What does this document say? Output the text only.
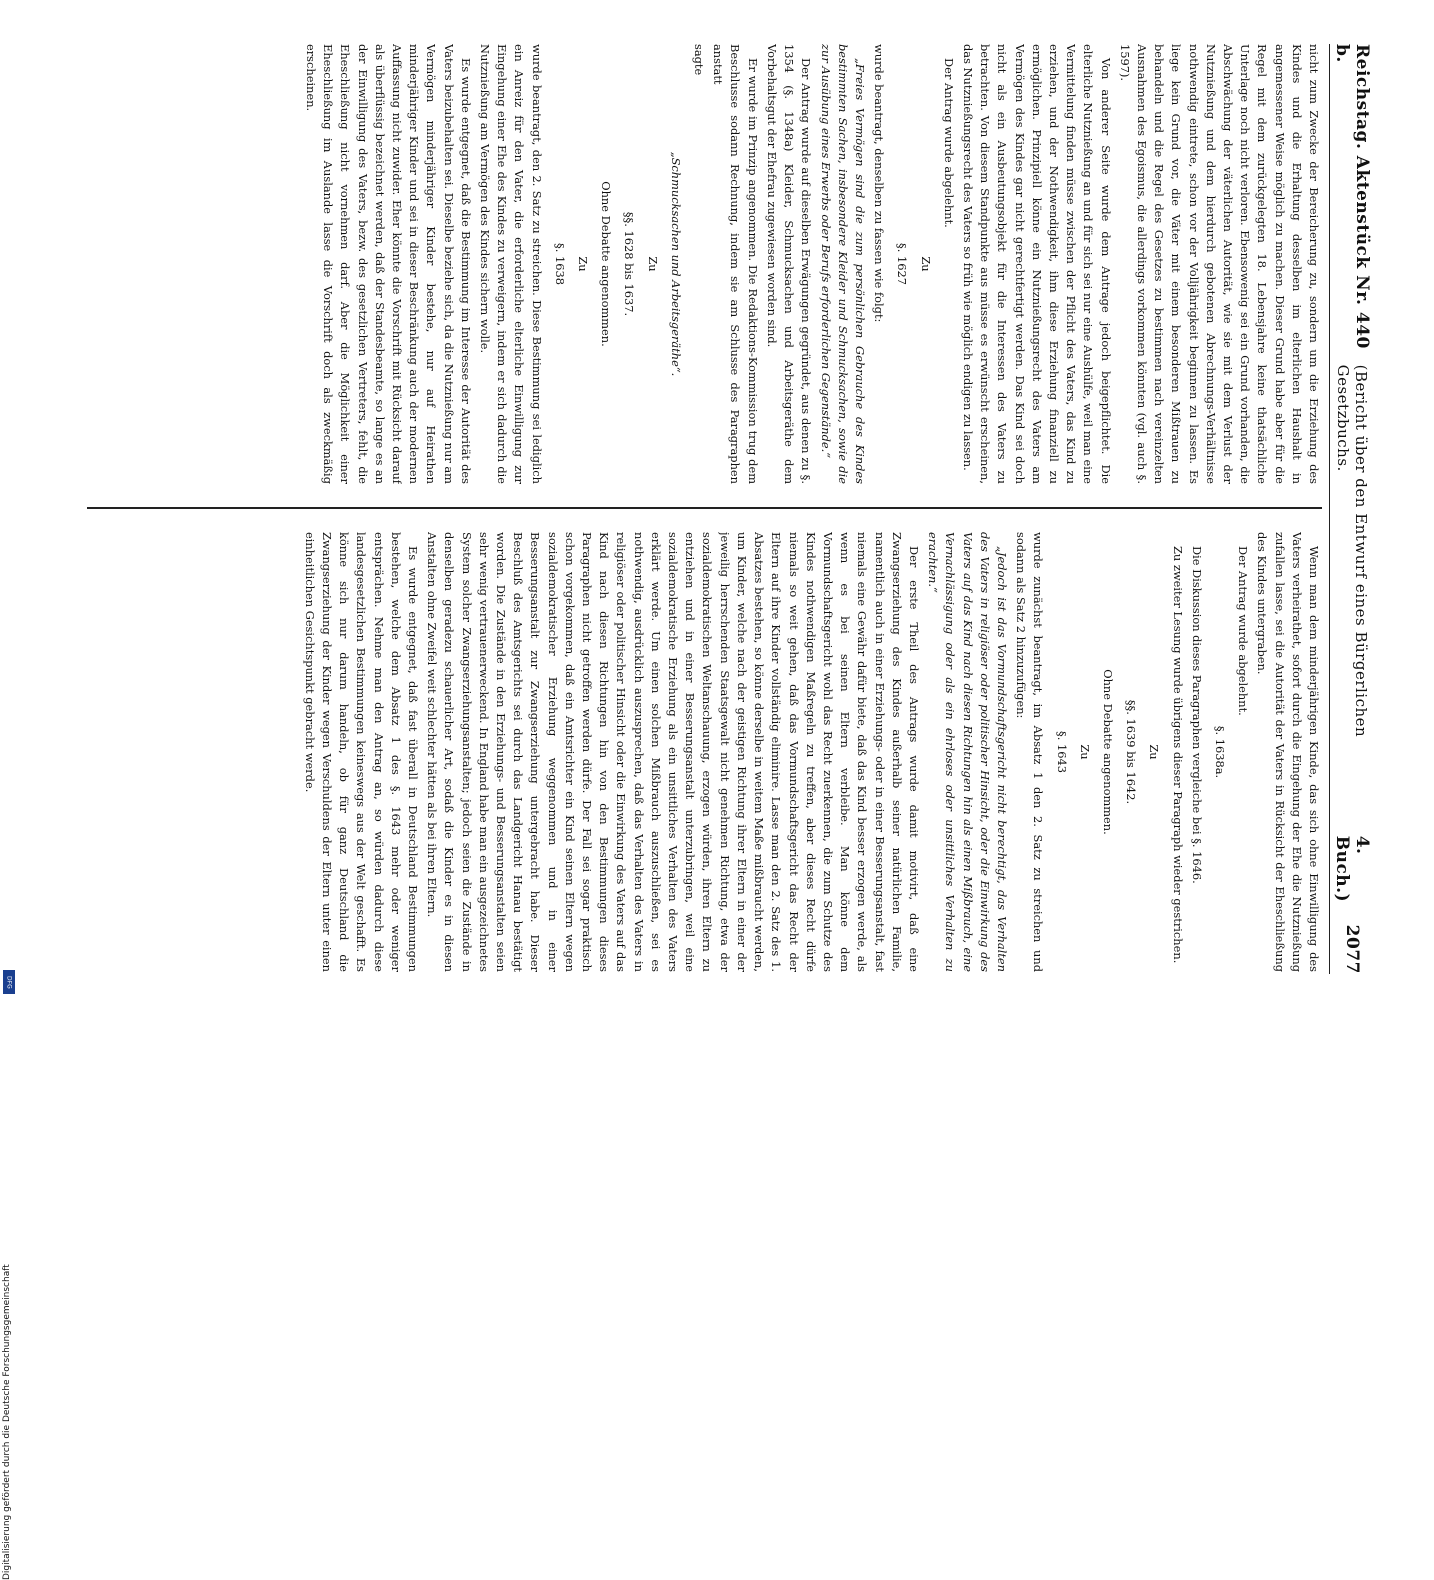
Reichstag. Aktenstück Nr. 440 b.
(Bericht über den Entwurf eines Bürgerlichen Gesetzbuchs.
4. Buch.)
2077

nicht zum Zwecke der Bereicherung zu, sondern um die Erziehung des Kindes und die Erhaltung desselben im elterlichen Haushalt in angemessener Weise möglich zu machen. Dieser Grund habe aber für die Regel mit dem zurückgelegten 18. Lebensjahre keine thatsächliche Unterlage noch nicht verloren. Ebensowenig sei ein Grund vorhanden, die Abschwächung der väterlichen Autorität, wie sie mit dem Verlust der Nutznießung und dem hierdurch gebotenen Abrechnungs-Verhältnisse nothwendig eintrete, schon vor der Volljährigkeit beginnen zu lassen. Es liege kein Grund vor, die Väter mit einem besonderen Mißtrauen zu behandeln und die Regel des Gesetzes zu bestimmen nach vereinzelten Ausnahmen des Egoismus, die allerdings vorkommen könnten (vgl. auch §. 1597).

Von anderer Seite wurde dem Antrage jedoch beigepflichtet. Die elterliche Nutznießung an und für sich sei nur eine Aushülfe, weil man eine Vermittelung finden müsse zwischen der Pflicht des Vaters, das Kind zu erziehen, und der Nothwendigkeit, ihm diese Erziehung finanziell zu ermöglichen. Prinzipiell könne ein Nutznießungsrecht des Vaters am Vermögen des Kindes gar nicht gerechtfertigt werden. Das Kind sei doch nicht als ein Ausbeutungsobjekt für die Interessen des Vaters zu betrachten. Von diesem Standpunkte aus müsse es erwünscht erscheinen, das Nutznießungsrecht des Vaters so früh wie möglich endigen zu lassen.

Der Antrag wurde abgelehnt.

Zu

§. 1627

wurde beantragt, denselben zu fassen wie folgt:

„Freies Vermögen sind die zum persönlichen Gebrauche des Kindes bestimmten Sachen, insbesondere Kleider und Schmucksachen, sowie die zur Ausübung eines Erwerbs oder Berufs erforderlichen Gegenstände.“

Der Antrag wurde auf dieselben Erwägungen gegründet, aus denen zu §. 1354 (§. 1348a) Kleider, Schmucksachen und Arbeitsgeräthe dem Vorbehaltsgut der Ehefrau zugewiesen worden sind.

Er wurde im Prinzip angenommen. Die Redaktions-Kommission trug dem Beschlusse sodann Rechnung, indem sie am Schlusse des Paragraphen anstatt

sagte

„Schmucksachen und Arbeitsgeräthe“.

Zu

§§. 1628 bis 1637.

Ohne Debatte angenommen.

Zu

§. 1638

wurde beantragt, den 2. Satz zu streichen. Diese Bestimmung sei lediglich ein Anreiz für den Vater, die erforderliche elterliche Einwilligung zur Eingehung einer Ehe des Kindes zu verweigern, indem er sich dadurch die Nutznießung am Vermögen des Kindes sichern wolle.

Es wurde entgegnet, daß die Bestimmung im Interesse der Autorität des Vaters beizubehalten sei. Dieselbe beziehe sich, da die Nutznießung nur am Vermögen minderjähriger Kinder bestehe, nur auf Heirathen minderjähriger Kinder und sei in dieser Beschränkung auch der modernen Auffassung nicht zuwider. Eher könnte die Vorschrift mit Rücksicht darauf als überflüssig bezeichnet werden, daß der Standesbeamte, so lange es an der Einwilligung des Vaters, bezw. des gesetzlichen Vertreters, fehlt, die Eheschließung nicht vornehmen darf. Aber die Möglichkeit einer Eheschließung im Auslande lasse die Vorschrift doch als zweckmäßig erscheinen.

Wenn man dem minderjährigen Kinde, das sich ohne Einwilligung des Vaters verheirathet, sofort durch die Eingehung der Ehe die Nutznießung zufallen lasse, sei die Autorität der Vaters in Rücksicht der Eheschließung des Kindes untergraben.

Der Antrag wurde abgelehnt.

§. 1638a.

Die Diskussion dieses Paragraphen vergleiche bei §. 1646.

Zu zweiter Lesung wurde übrigens dieser Paragraph wieder gestrichen.

Zu

§§. 1639 bis 1642.

Ohne Debatte angenommen.

Zu

§. 1643

wurde zunächst beantragt, im Absatz 1 den 2. Satz zu streichen und sodann als Satz 2 hinzuzufügen:

„Jedoch ist das Vormundschaftsgericht nicht berechtigt, das Verhalten des Vaters in religiöser oder politischer Hinsicht, oder die Einwirkung des Vaters auf das Kind nach diesen Richtungen hin als einen Mißbrauch, eine Vernachlässigung oder als ein ehrloses oder unsittliches Verhalten zu erachten.“

Der erste Theil des Antrags wurde damit motivirt, daß eine Zwangserziehung des Kindes außerhalb seiner natürlichen Familie, namentlich auch in einer Erziehungs- oder in einer Besserungsanstalt, fast niemals eine Gewähr dafür biete, daß das Kind besser erzogen werde, als wenn es bei seinen Eltern verbleibe. Man könne dem Vormundschaftsgericht wohl das Recht zuerkennen, die zum Schutze des Kindes nothwendigen Maßregeln zu treffen, aber dieses Recht dürfe niemals so weit gehen, daß das Vormundschaftsgericht das Recht der Eltern auf ihre Kinder vollständig eliminire. Lasse man den 2. Satz des 1. Absatzes bestehen, so könne derselbe in weitem Maße mißbraucht werden, um Kinder, welche nach der geistigen Richtung ihrer Eltern in einer der jeweilig herrschenden Staatsgewalt nicht genehmen Richtung, etwa der sozialdemokratischen Weltanschauung, erzogen würden, ihren Eltern zu entziehen und in einer Besserungsanstalt unterzubringen, weil eine sozialdemokratische Erziehung als ein unsittliches Verhalten des Vaters erklärt werde. Um einen solchen Mißbrauch auszuschließen, sei es nothwendig, ausdrücklich auszusprechen, daß das Verhalten des Vaters in religiöser oder politischer Hinsicht oder die Einwirkung des Vaters auf das Kind nach diesen Richtungen hin von den Bestimmungen dieses Paragraphen nicht getroffen werden dürfe. Der Fall sei sogar praktisch schon vorgekommen, daß ein Amtsrichter ein Kind seinen Eltern wegen sozialdemokratischer Erziehung weggenommen und in einer Besserungsanstalt zur Zwangserziehung untergebracht habe. Dieser Beschluß des Amtsgerichts sei durch das Landgericht Hanau bestätigt worden. Die Zustände in den Erziehungs- und Besserungsanstalten seien sehr wenig vertrauenerweckend. In England habe man ein ausgezeichnetes System solcher Zwangserziehungsanstalten; jedoch seien die Zustände in denselben geradezu schauerlicher Art, sodaß die Kinder es in diesen Anstalten ohne Zweifel weit schlechter hätten als bei ihren Eltern.

Es wurde entgegnet, daß fast überall in Deutschland Bestimmungen bestehen, welche dem Absatz 1 des §. 1643 mehr oder weniger entsprächen. Nehme man den Antrag an, so würden dadurch diese landesgesetzlichen Bestimmungen keineswegs aus der Welt geschafft. Es könne sich nur darum handeln, ob für ganz Deutschland die Zwangserziehung der Kinder wegen Verschuldens der Eltern unter einen einheitlichen Gesichtspunkt gebracht werde.

Digitalisierung gefördert durch die Deutsche Forschungsgemeinschaft
DFG
